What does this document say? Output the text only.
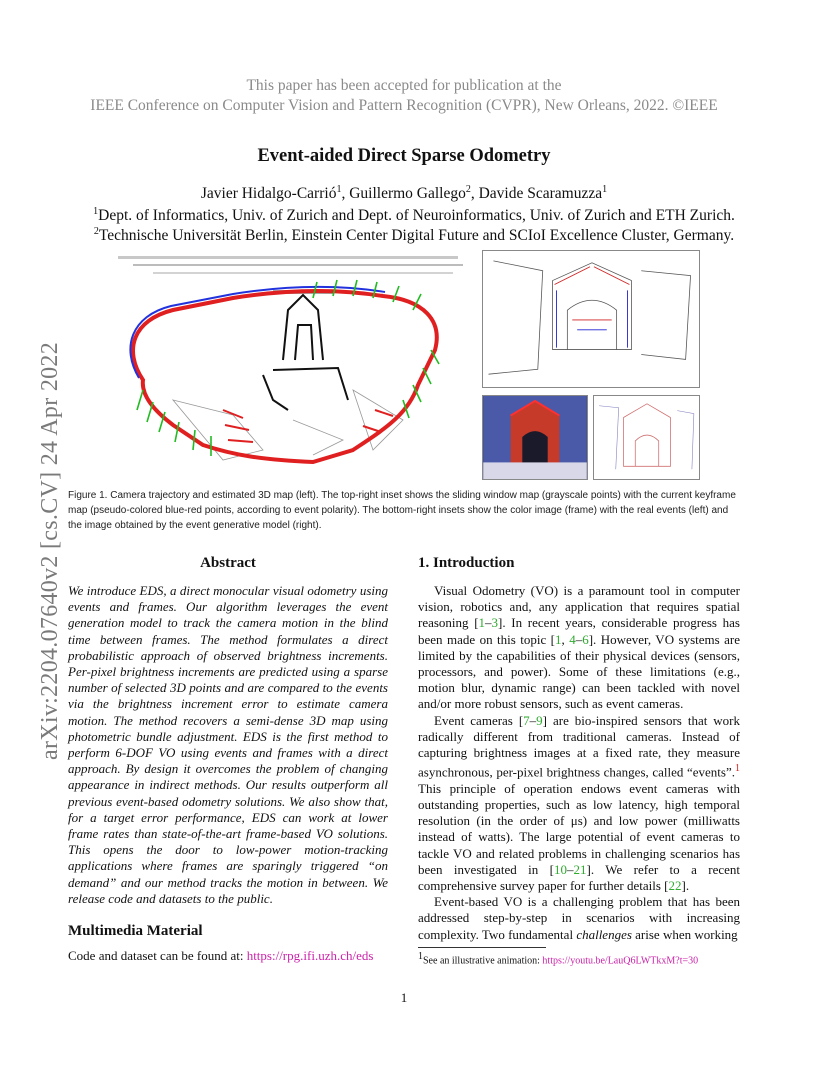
This paper has been accepted for publication at the
IEEE Conference on Computer Vision and Pattern Recognition (CVPR), New Orleans, 2022. ©IEEE
Event-aided Direct Sparse Odometry
Javier Hidalgo-Carrió$^1$, Guillermo Gallego$^2$, Davide Scaramuzza$^1$
$^1$Dept. of Informatics, Univ. of Zurich and Dept. of Neuroinformatics, Univ. of Zurich and ETH Zurich.
$^2$Technische Universität Berlin, Einstein Center Digital Future and SCIoI Excellence Cluster, Germany.
arXiv:2204.07640v2 [cs.CV] 24 Apr 2022 Figure 1. Camera trajectory and estimated 3D map (left). The top-right inset shows the sliding window map (grayscale points) with the current keyframe map (pseudo-colored blue-red points, according to event polarity). The bottom-right insets show the color image (frame) with the real events (left) and the image obtained by the event generative model (right).
Abstract
We introduce EDS, a direct monocular visual odometry using events and frames. Our algorithm leverages the event generation model to track the camera motion in the blind time between frames. The method formulates a direct probabilistic approach of observed brightness increments. Per-pixel brightness increments are predicted using a sparse number of selected 3D points and are compared to the events via the brightness increment error to estimate camera motion. The method recovers a semi-dense 3D map using photometric bundle adjustment. EDS is the first method to perform 6-DOF VO using events and frames with a direct approach. By design it overcomes the problem of changing appearance in indirect methods. Our results outperform all previous event-based odometry solutions. We also show that, for a target error performance, EDS can work at lower frame rates than state-of-the-art frame-based VO solutions. This opens the door to low-power motion-tracking applications where frames are sparingly triggered “on demand” and our method tracks the motion in between. We release code and datasets to the public.
Multimedia Material
Code and dataset can be found at: https://rpg.ifi.uzh.ch/eds
1. Introduction

Visual Odometry (VO) is a paramount tool in computer vision, robotics and, any application that requires spatial reasoning [1–3]. In recent years, considerable progress has been made on this topic [1, 4–6]. However, VO systems are limited by the capabilities of their physical devices (sensors, processors, and power). Some of these limitations (e.g., motion blur, dynamic range) can been tackled with novel and/or more robust sensors, such as event cameras.

Event cameras [7–9] are bio-inspired sensors that work radically different from traditional cameras. Instead of capturing brightness images at a fixed rate, they measure asynchronous, per-pixel brightness changes, called “events”.$^1$ This principle of operation endows event cameras with outstanding properties, such as low latency, high temporal resolution (in the order of μs) and low power (milliwatts instead of watts). The large potential of event cameras to tackle VO and related problems in challenging scenarios has been investigated in [10–21]. We refer to a recent comprehensive survey paper for further details [22].

Event-based VO is a challenging problem that has been addressed step-by-step in scenarios with increasing complexity. Two fundamental challenges arise when working

$^1$See an illustrative animation: https://youtu.be/LauQ6LWTkxM?t=30
1
